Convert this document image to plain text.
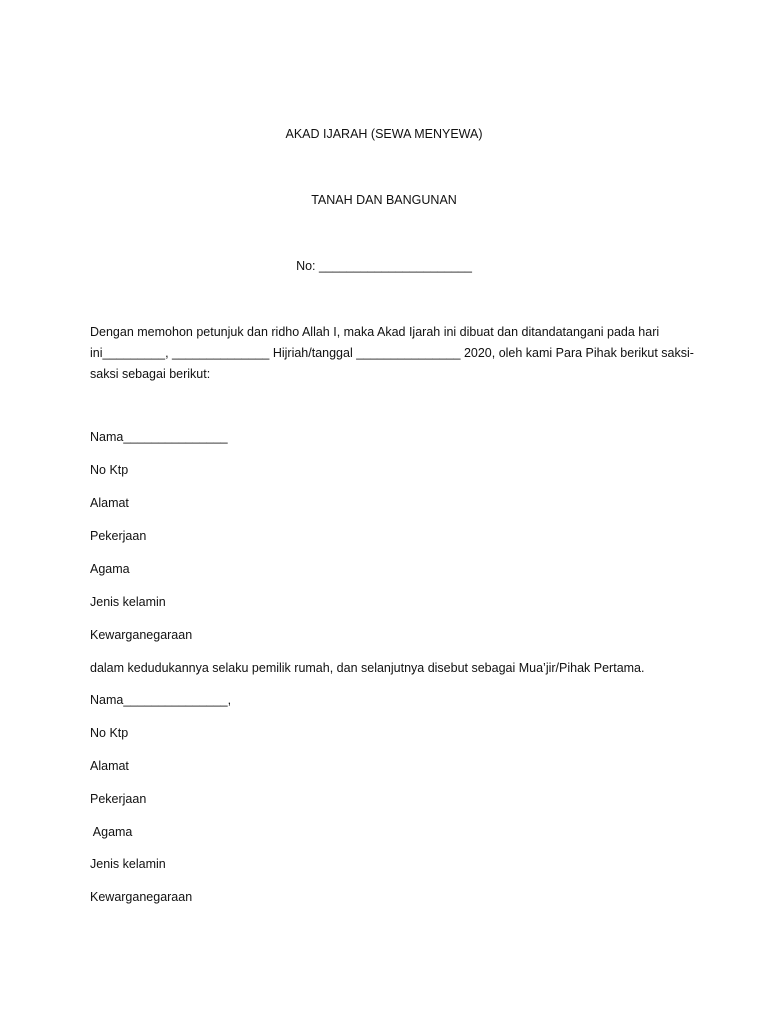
AKAD IJARAH (SEWA MENYEWA)
TANAH DAN BANGUNAN
No: ______________________
Dengan memohon petunjuk dan ridho Allah I, maka Akad Ijarah ini dibuat dan ditandatangani pada hari
ini_________, ______________ Hijriah/tanggal _______________ 2020, oleh kami Para Pihak berikut saksi-
saksi sebagai berikut:
Nama_______________
No Ktp
Alamat
Pekerjaan
Agama
Jenis kelamin
Kewarganegaraan
dalam kedudukannya selaku pemilik rumah, dan selanjutnya disebut sebagai Mua’jir/Pihak Pertama.
Nama_______________,
No Ktp
Alamat
Pekerjaan
Agama
Jenis kelamin
Kewarganegaraan
